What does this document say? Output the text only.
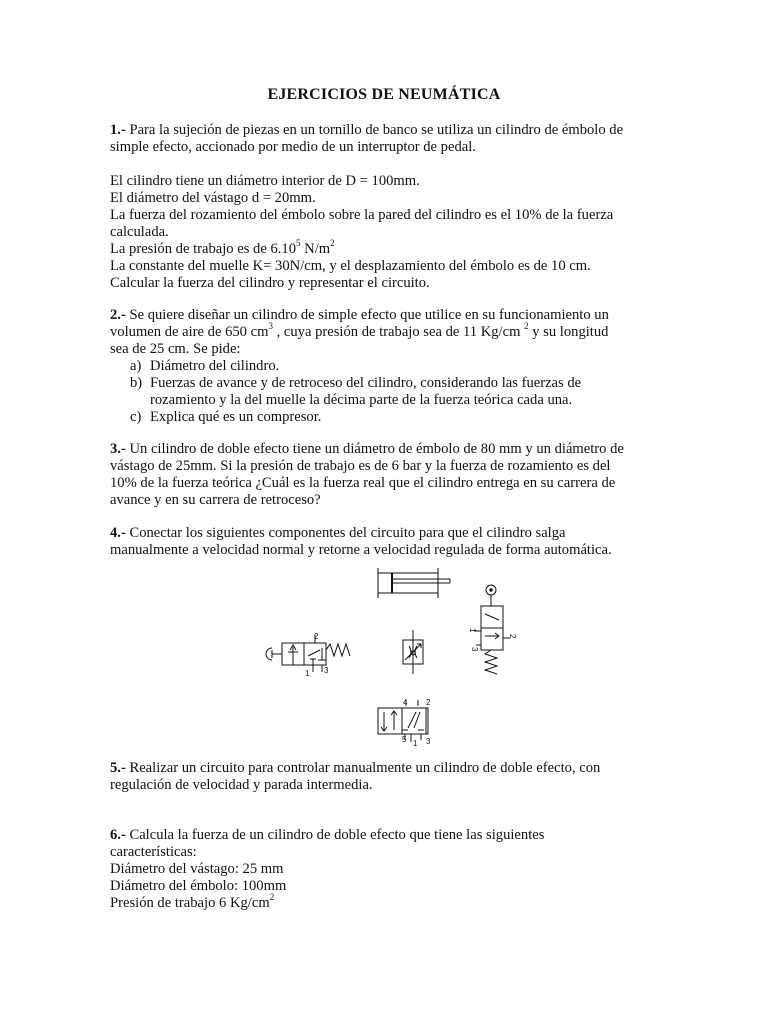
EJERCICIOS DE NEUMÁTICA
1.- Para la sujeción de piezas en un tornillo de banco se utiliza un cilindro de émbolo de
simple efecto, accionado por medio de un interruptor de pedal.
El cilindro tiene un diámetro interior de D = 100mm.
El diámetro del vástago d = 20mm.
La fuerza del rozamiento del émbolo sobre la pared del cilindro es el 10% de la fuerza
calculada.
La presión de trabajo es de 6.10$^5$ $N/m^2$
La constante del muelle K= 30N/cm, y el desplazamiento del émbolo es de 10 cm.
Calcular la fuerza del cilindro y representar el circuito.
2.- Se quiere diseñar un cilindro de simple efecto que utilice en su funcionamiento un
volumen de aire de 650 $cm^3$ , cuya presión de trabajo sea de 11 Kg/cm $^2$ y su longitud
sea de 25 cm. Se pide:
a) Diámetro del cilindro.
b) Fuerzas de avance y de retroceso del cilindro, considerando las fuerzas de
rozamiento y la del muelle la décima parte de la fuerza teórica cada una.
c) Explica qué es un compresor.
3.- Un cilindro de doble efecto tiene un diámetro de émbolo de 80 mm y un diámetro de
vástago de 25mm. Si la presión de trabajo es de 6 bar y la fuerza de rozamiento es del
10% de la fuerza teórica ¿Cuál es la fuerza real que el cilindro entrega en su carrera de
avance y en su carrera de retroceso?
4.- Conectar los siguientes componentes del circuito para que el cilindro salga
manualmente a velocidad normal y retorne a velocidad regulada de forma automática.
2
1 3
1
2
3
4 2
5 1 3
5.- Realizar un circuito para controlar manualmente un cilindro de doble efecto, con
regulación de velocidad y parada intermedia.
6.- Calcula la fuerza de un cilindro de doble efecto que tiene las siguientes
características:
Diámetro del vástago: 25 mm
Diámetro del émbolo: 100mm
Presión de trabajo 6 $Kg/cm^2$
